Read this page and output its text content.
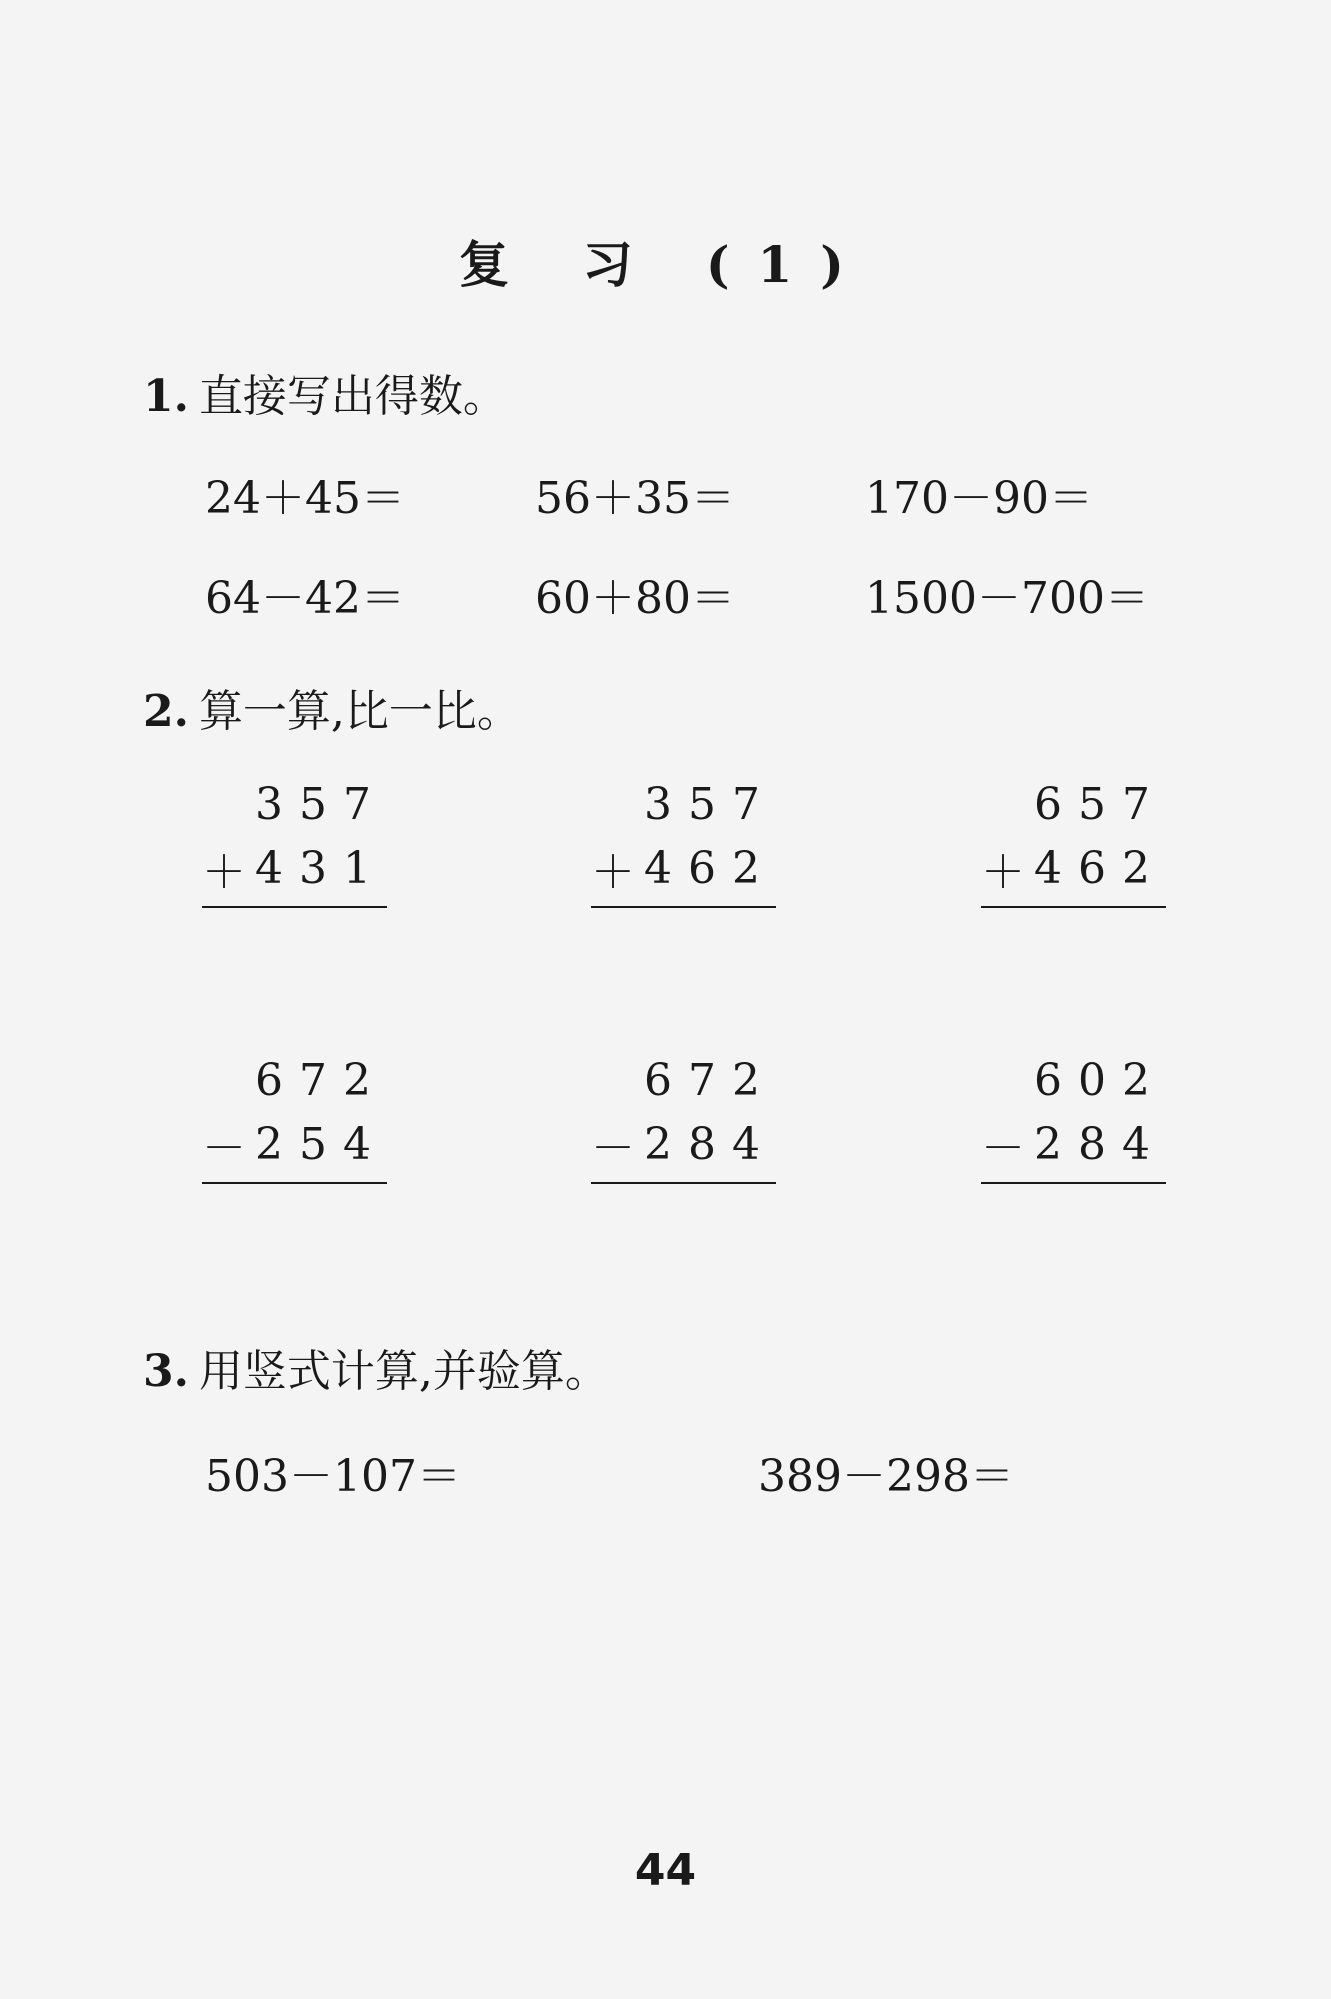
复 习 (1)
1. 直接写出得数。
24＋45＝	56＋35＝	170－90＝
64－42＝	60＋80＝	1500－700＝
2. 算一算,比一比。
357
＋ 431
357
＋ 462
657
＋ 462
672
－ 254
672
－ 284
602
－ 284
3. 用竖式计算,并验算。
503－107＝	389－298＝
44
